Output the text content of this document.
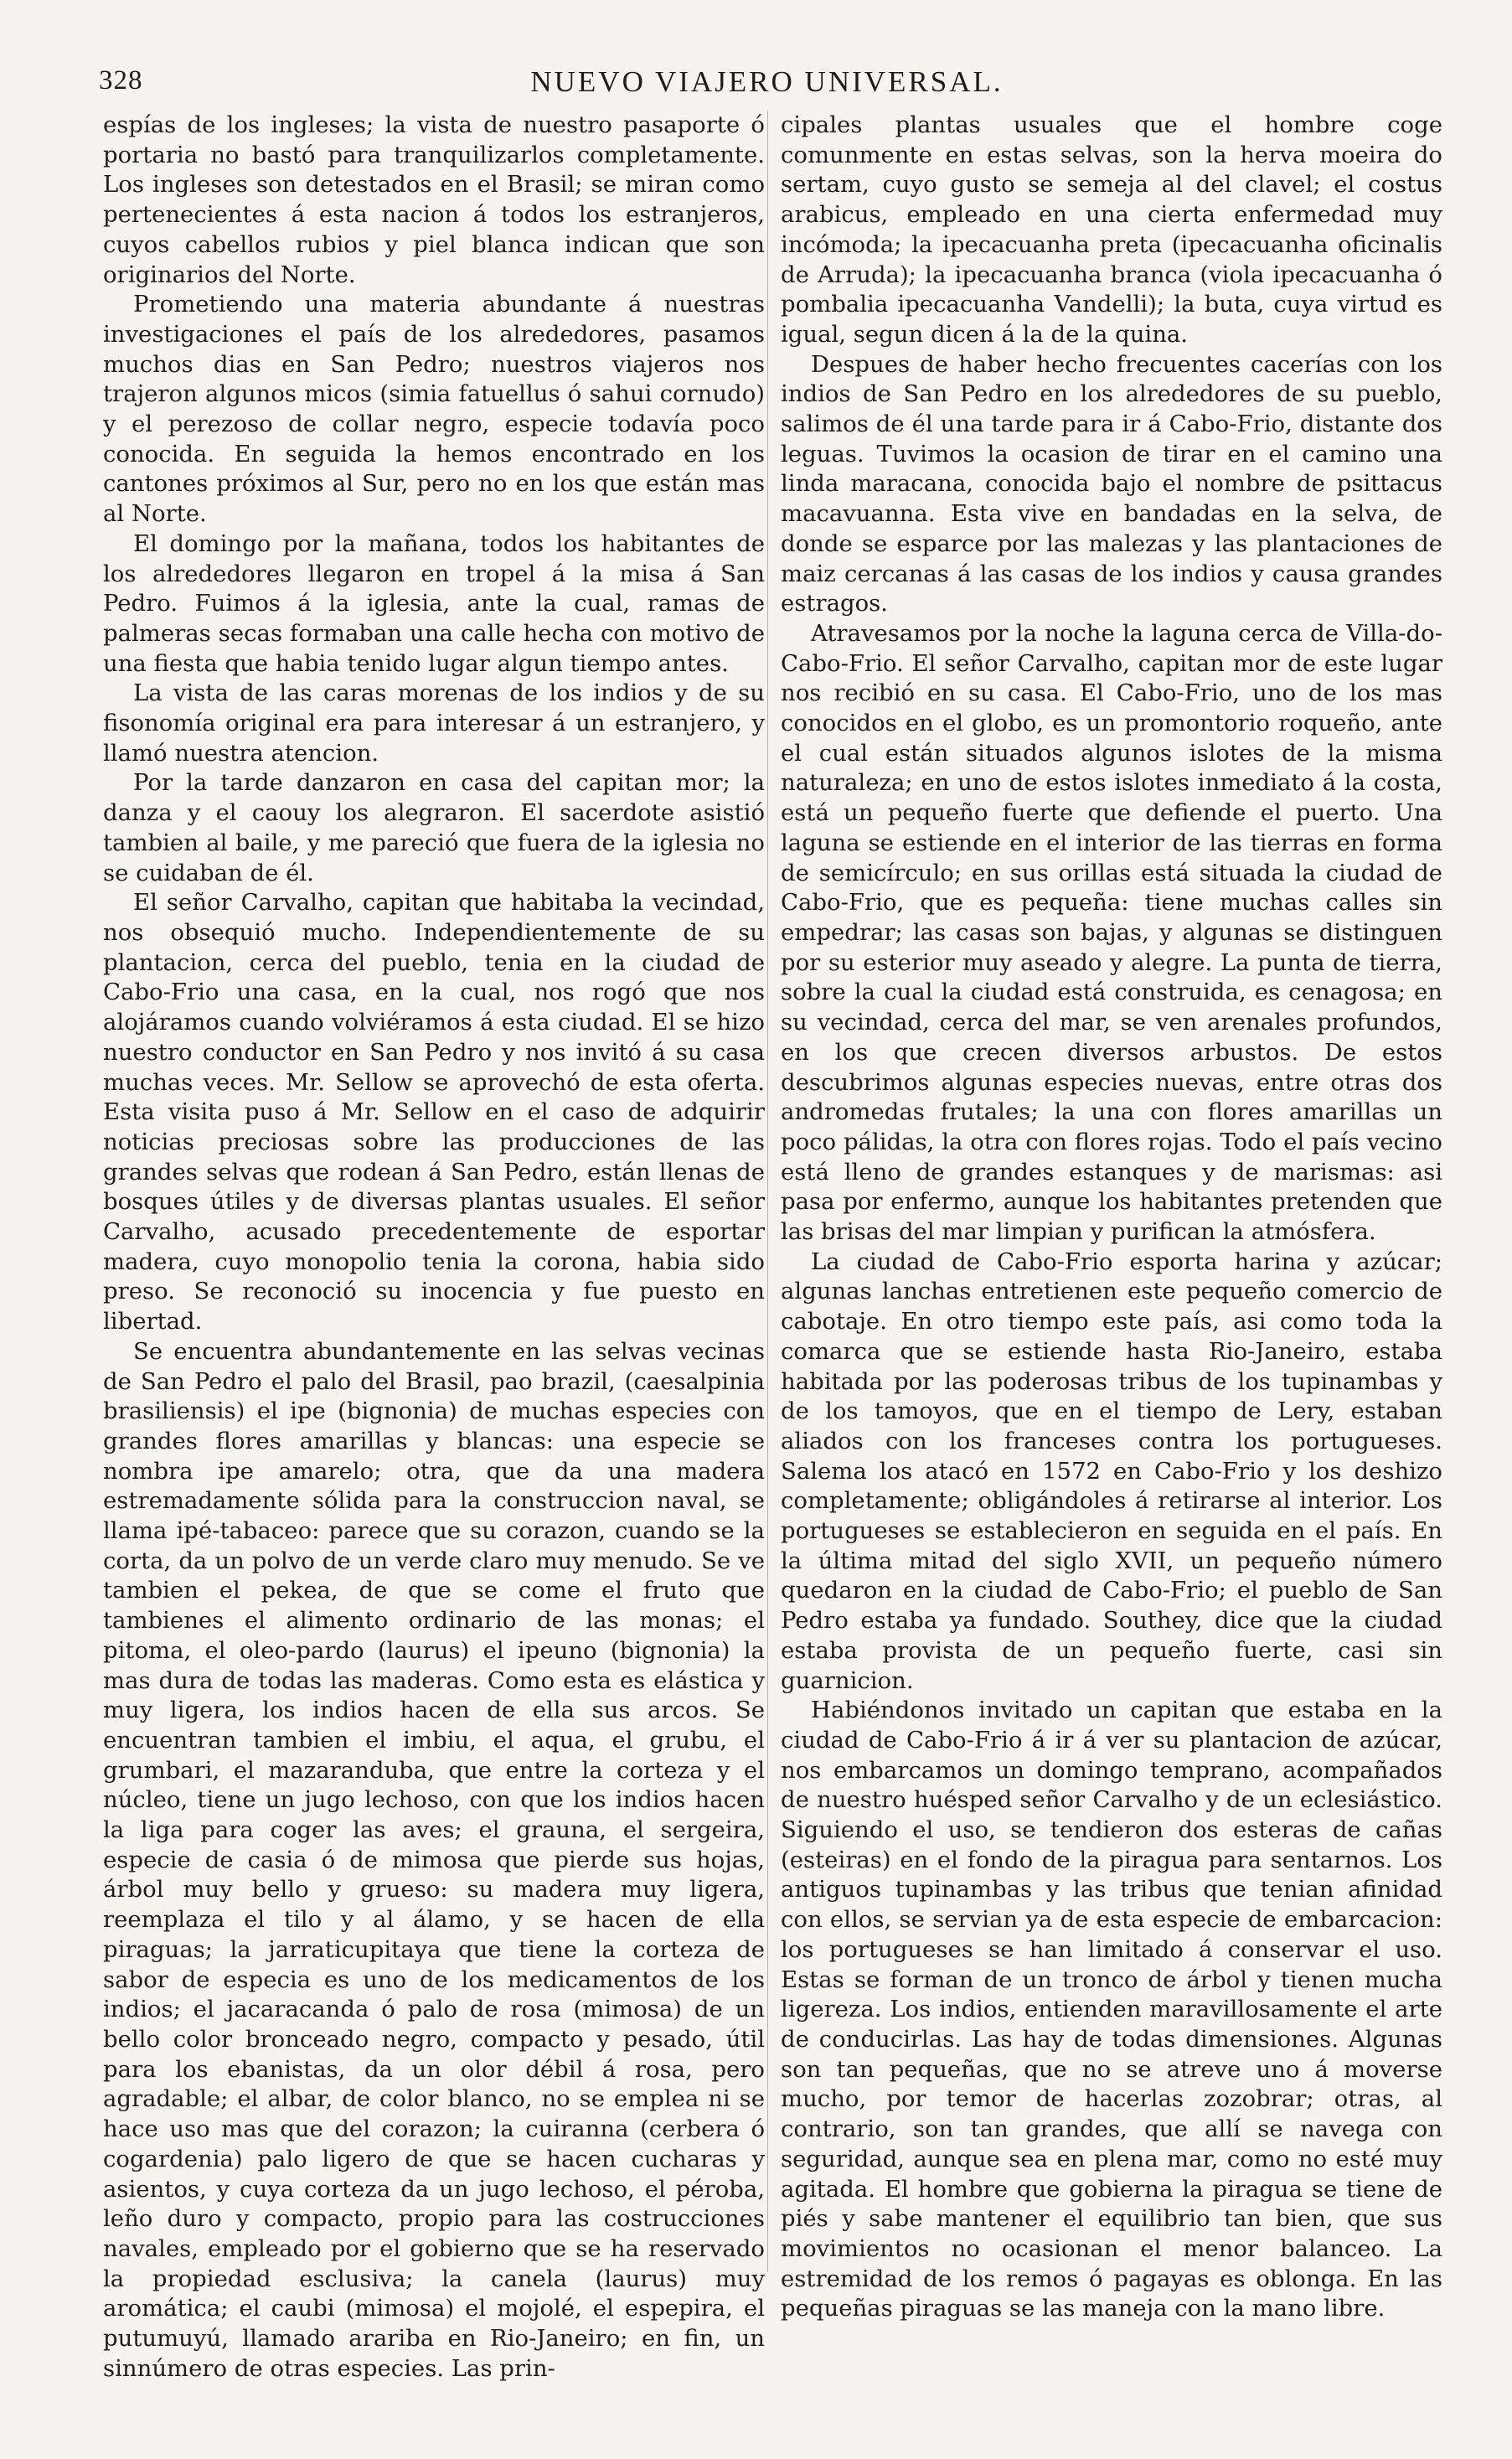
328	NUEVO VIAJERO UNIVERSAL.

espías de los ingleses; la vista de nuestro pasaporte ó portaria no bastó para tranquilizarlos completamente. Los ingleses son detestados en el Brasil; se miran como pertenecientes á esta nacion á todos los estranjeros, cuyos cabellos rubios y piel blanca indican que son originarios del Norte.

Prometiendo una materia abundante á nuestras investigaciones el país de los alrededores, pasamos muchos dias en San Pedro; nuestros viajeros nos trajeron algunos micos (simia fatuellus ó sahui cornudo) y el perezoso de collar negro, especie todavía poco conocida. En seguida la hemos encontrado en los cantones próximos al Sur, pero no en los que están mas al Norte.

El domingo por la mañana, todos los habitantes de los alrededores llegaron en tropel á la misa á San Pedro. Fuimos á la iglesia, ante la cual, ramas de palmeras secas formaban una calle hecha con motivo de una fiesta que habia tenido lugar algun tiempo antes.

La vista de las caras morenas de los indios y de su fisonomía original era para interesar á un estranjero, y llamó nuestra atencion.

Por la tarde danzaron en casa del capitan mor; la danza y el caouy los alegraron. El sacerdote asistió tambien al baile, y me pareció que fuera de la iglesia no se cuidaban de él.

El señor Carvalho, capitan que habitaba la vecindad, nos obsequió mucho. Independientemente de su plantacion, cerca del pueblo, tenia en la ciudad de Cabo-Frio una casa, en la cual, nos rogó que nos alojáramos cuando volviéramos á esta ciudad. El se hizo nuestro conductor en San Pedro y nos invitó á su casa muchas veces. Mr. Sellow se aprovechó de esta oferta. Esta visita puso á Mr. Sellow en el caso de adquirir noticias preciosas sobre las producciones de las grandes selvas que rodean á San Pedro, están llenas de bosques útiles y de diversas plantas usuales. El señor Carvalho, acusado precedentemente de esportar madera, cuyo monopolio tenia la corona, habia sido preso. Se reconoció su inocencia y fue puesto en libertad.

Se encuentra abundantemente en las selvas vecinas de San Pedro el palo del Brasil, pao brazil, (caesalpinia brasiliensis) el ipe (bignonia) de muchas especies con grandes flores amarillas y blancas: una especie se nombra ipe amarelo; otra, que da una madera estremadamente sólida para la construccion naval, se llama ipé-tabaceo: parece que su corazon, cuando se la corta, da un polvo de un verde claro muy menudo. Se ve tambien el pekea, de que se come el fruto que tambienes el alimento ordinario de las monas; el pitoma, el oleo-pardo (laurus) el ipeuno (bignonia) la mas dura de todas las maderas. Como esta es elástica y muy ligera, los indios hacen de ella sus arcos. Se encuentran tambien el imbiu, el aqua, el grubu, el grumbari, el mazaranduba, que entre la corteza y el núcleo, tiene un jugo lechoso, con que los indios hacen la liga para coger las aves; el grauna, el sergeira, especie de casia ó de mimosa que pierde sus hojas, árbol muy bello y grueso: su madera muy ligera, reemplaza el tilo y al álamo, y se hacen de ella piraguas; la jarraticupitaya que tiene la corteza de sabor de especia es uno de los medicamentos de los indios; el jacaracanda ó palo de rosa (mimosa) de un bello color bronceado negro, compacto y pesado, útil para los ebanistas, da un olor débil á rosa, pero agradable; el albar, de color blanco, no se emplea ni se hace uso mas que del corazon; la cuiranna (cerbera ó cogardenia) palo ligero de que se hacen cucharas y asientos, y cuya corteza da un jugo lechoso, el péroba, leño duro y compacto, propio para las costrucciones navales, empleado por el gobierno que se ha reservado la propiedad esclusiva; la canela (laurus) muy aromática; el caubi (mimosa) el mojolé, el espepira, el putumuyú, llamado arariba en Rio-Janeiro; en fin, un sinnúmero de otras especies. Las prin-

cipales plantas usuales que el hombre coge comunmente en estas selvas, son la herva moeira do sertam, cuyo gusto se semeja al del clavel; el costus arabicus, empleado en una cierta enfermedad muy incómoda; la ipecacuanha preta (ipecacuanha oficinalis de Arruda); la ipecacuanha branca (viola ipecacuanha ó pombalia ipecacuanha Vandelli); la buta, cuya virtud es igual, segun dicen á la de la quina.

Despues de haber hecho frecuentes cacerías con los indios de San Pedro en los alrededores de su pueblo, salimos de él una tarde para ir á Cabo-Frio, distante dos leguas. Tuvimos la ocasion de tirar en el camino una linda maracana, conocida bajo el nombre de psittacus macavuanna. Esta vive en bandadas en la selva, de donde se esparce por las malezas y las plantaciones de maiz cercanas á las casas de los indios y causa grandes estragos.

Atravesamos por la noche la laguna cerca de Villa-do-Cabo-Frio. El señor Carvalho, capitan mor de este lugar nos recibió en su casa. El Cabo-Frio, uno de los mas conocidos en el globo, es un promontorio roqueño, ante el cual están situados algunos islotes de la misma naturaleza; en uno de estos islotes inmediato á la costa, está un pequeño fuerte que defiende el puerto. Una laguna se estiende en el interior de las tierras en forma de semicírculo; en sus orillas está situada la ciudad de Cabo-Frio, que es pequeña: tiene muchas calles sin empedrar; las casas son bajas, y algunas se distinguen por su esterior muy aseado y alegre. La punta de tierra, sobre la cual la ciudad está construida, es cenagosa; en su vecindad, cerca del mar, se ven arenales profundos, en los que crecen diversos arbustos. De estos descubrimos algunas especies nuevas, entre otras dos andromedas frutales; la una con flores amarillas un poco pálidas, la otra con flores rojas. Todo el país vecino está lleno de grandes estanques y de marismas: asi pasa por enfermo, aunque los habitantes pretenden que las brisas del mar limpian y purifican la atmósfera.

La ciudad de Cabo-Frio esporta harina y azúcar; algunas lanchas entretienen este pequeño comercio de cabotaje. En otro tiempo este país, asi como toda la comarca que se estiende hasta Rio-Janeiro, estaba habitada por las poderosas tribus de los tupinambas y de los tamoyos, que en el tiempo de Lery, estaban aliados con los franceses contra los portugueses. Salema los atacó en 1572 en Cabo-Frio y los deshizo completamente; obligándoles á retirarse al interior. Los portugueses se establecieron en seguida en el país. En la última mitad del siglo XVII, un pequeño número quedaron en la ciudad de Cabo-Frio; el pueblo de San Pedro estaba ya fundado. Southey, dice que la ciudad estaba provista de un pequeño fuerte, casi sin guarnicion.

Habiéndonos invitado un capitan que estaba en la ciudad de Cabo-Frio á ir á ver su plantacion de azúcar, nos embarcamos un domingo temprano, acompañados de nuestro huésped señor Carvalho y de un eclesiástico. Siguiendo el uso, se tendieron dos esteras de cañas (esteiras) en el fondo de la piragua para sentarnos. Los antiguos tupinambas y las tribus que tenian afinidad con ellos, se servian ya de esta especie de embarcacion: los portugueses se han limitado á conservar el uso. Estas se forman de un tronco de árbol y tienen mucha ligereza. Los indios, entienden maravillosamente el arte de conducirlas. Las hay de todas dimensiones. Algunas son tan pequeñas, que no se atreve uno á moverse mucho, por temor de hacerlas zozobrar; otras, al contrario, son tan grandes, que allí se navega con seguridad, aunque sea en plena mar, como no esté muy agitada. El hombre que gobierna la piragua se tiene de piés y sabe mantener el equilibrio tan bien, que sus movimientos no ocasionan el menor balanceo. La estremidad de los remos ó pagayas es oblonga. En las pequeñas piraguas se las maneja con la mano libre.
